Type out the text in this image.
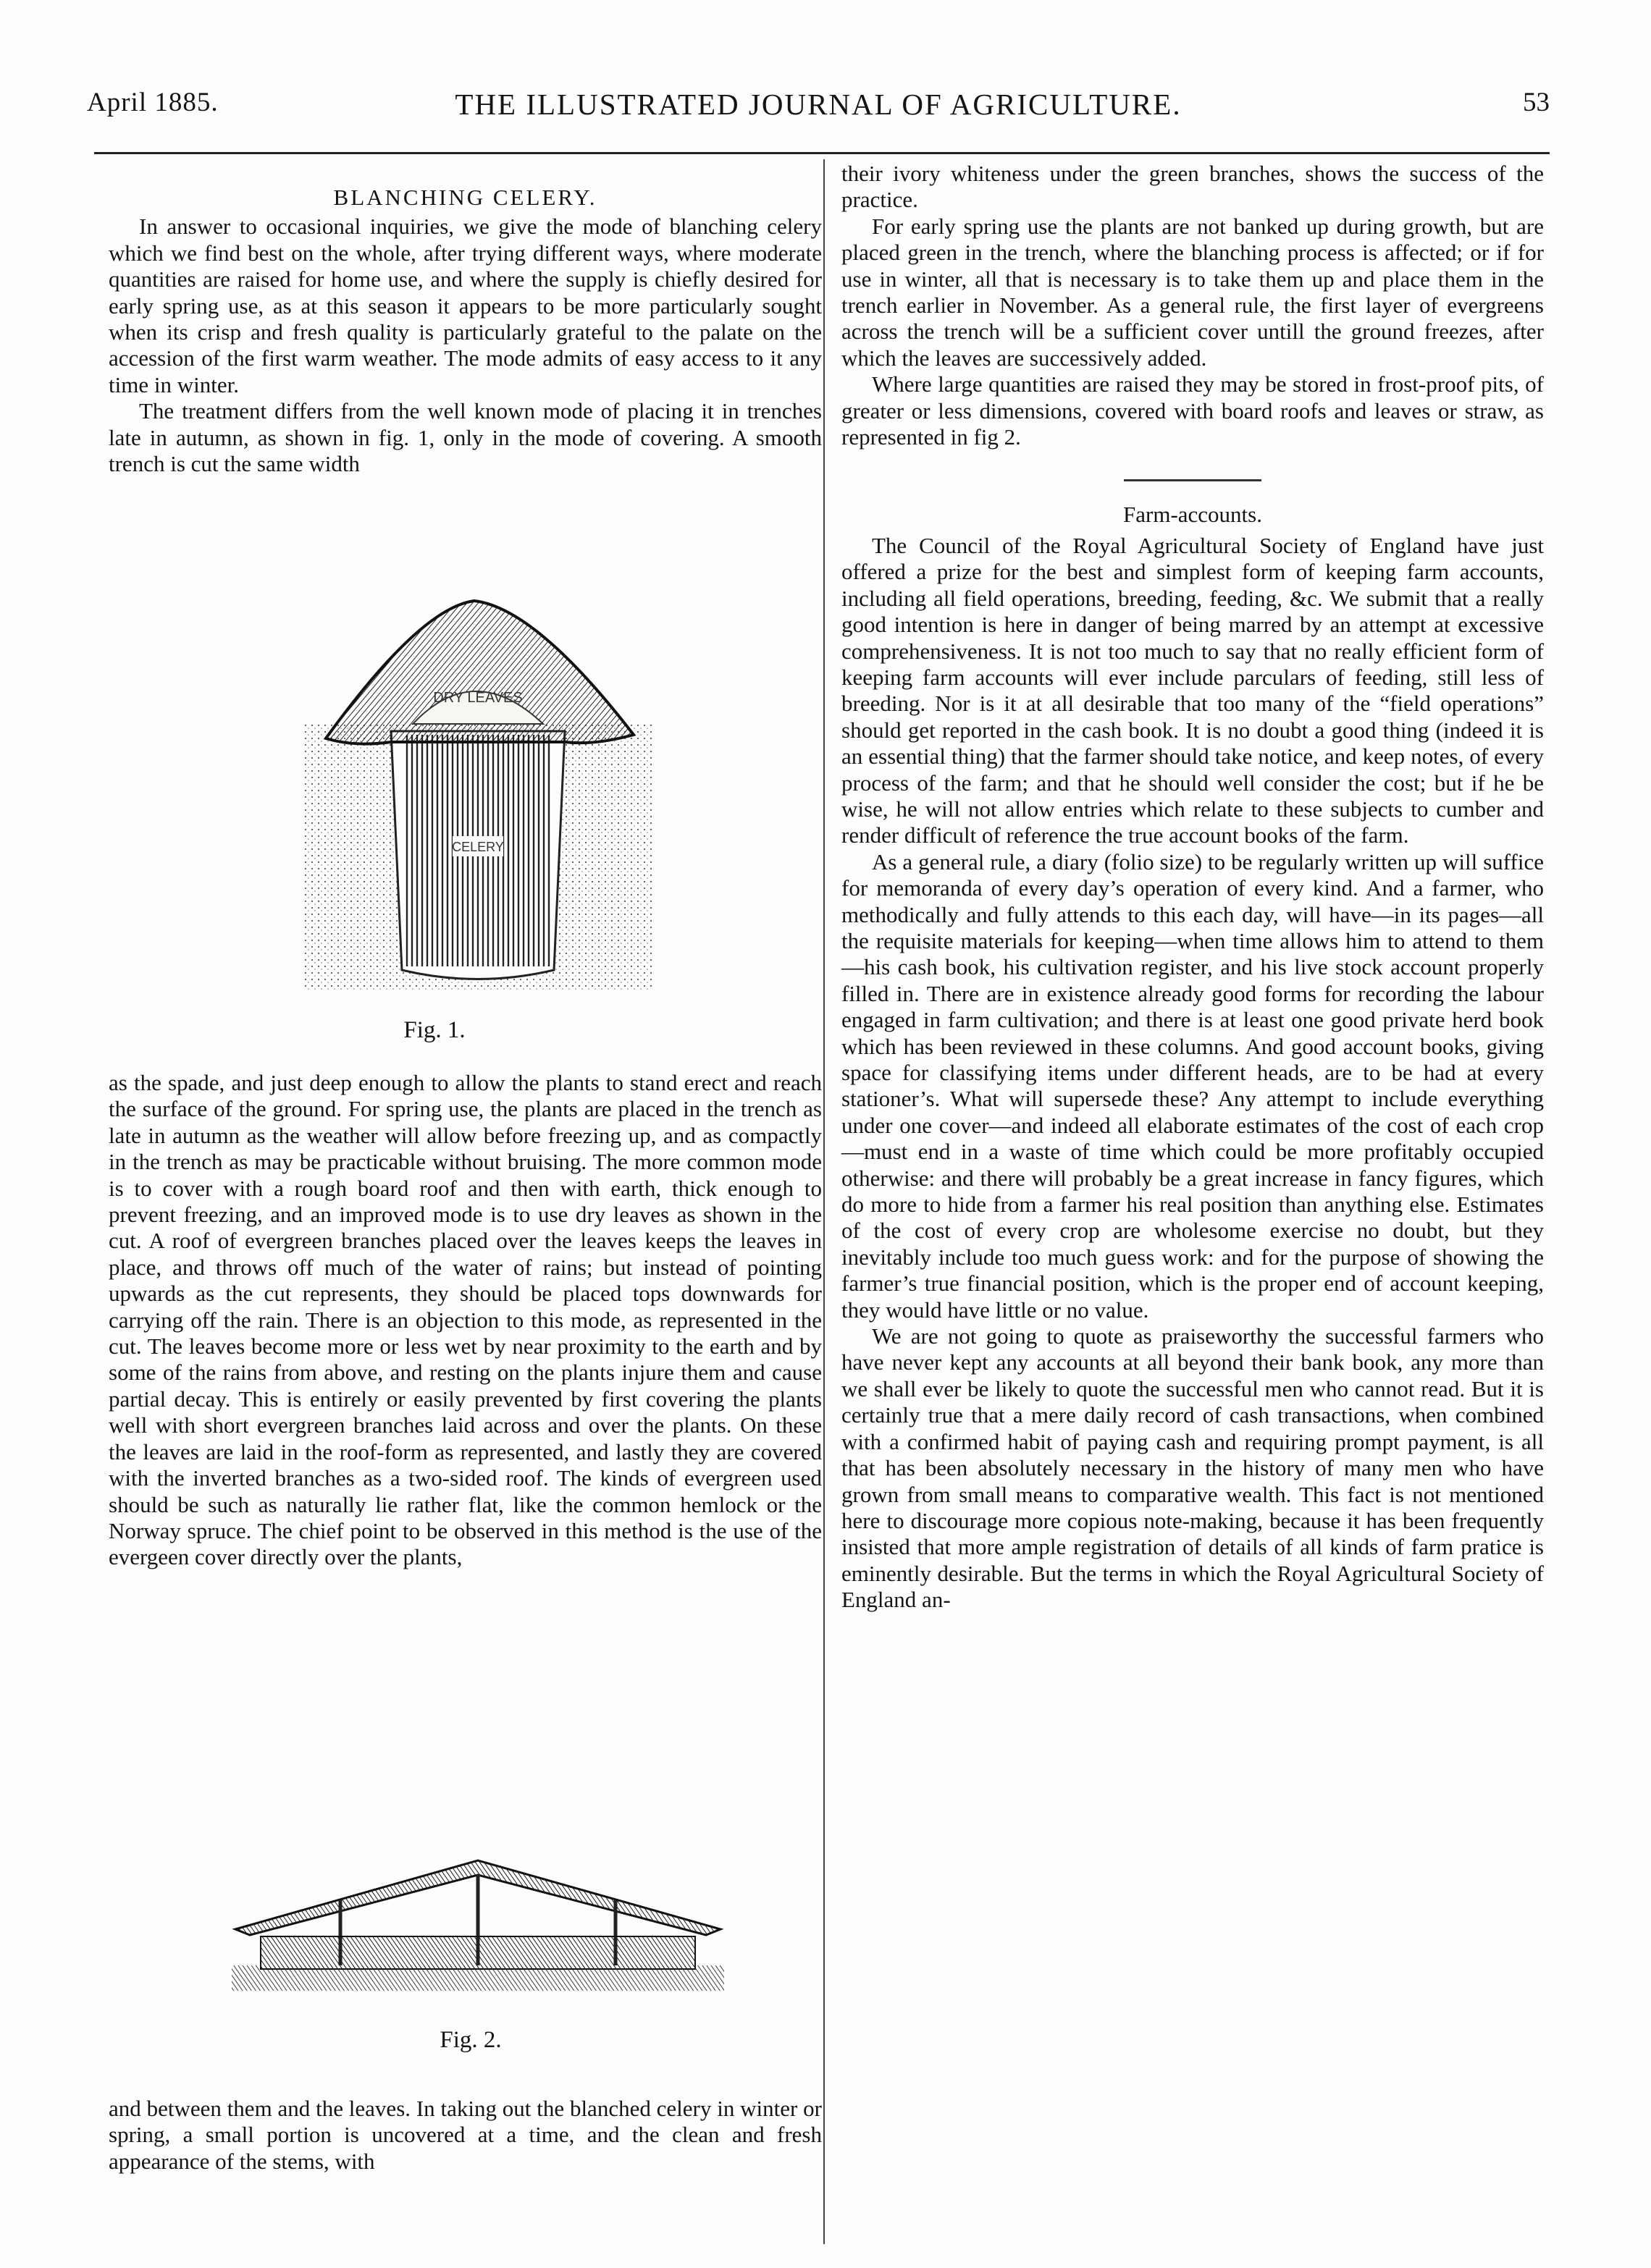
April 1885.	THE ILLUSTRATED JOURNAL OF AGRICULTURE.	53
BLANCHING CELERY.

In answer to occasional inquiries, we give the mode of blanching celery which we find best on the whole, after trying different ways, where moderate quantities are raised for home use, and where the supply is chiefly desired for early spring use, as at this season it appears to be more particularly sought when its crisp and fresh quality is particularly grateful to the palate on the accession of the first warm weather. The mode admits of easy access to it any time in winter.

The treatment differs from the well known mode of placing it in trenches late in autumn, as shown in fig. 1, only in the mode of covering. A smooth trench is cut the same width

DRY LEAVES
CELERY
Fig. 1.

as the spade, and just deep enough to allow the plants to stand erect and reach the surface of the ground. For spring use, the plants are placed in the trench as late in autumn as the weather will allow before freezing up, and as compactly in the trench as may be practicable without bruising. The more common mode is to cover with a rough board roof and then with earth, thick enough to prevent freezing, and an improved mode is to use dry leaves as shown in the cut. A roof of evergreen branches placed over the leaves keeps the leaves in place, and throws off much of the water of rains; but instead of pointing upwards as the cut represents, they should be placed tops downwards for carrying off the rain. There is an objection to this mode, as represented in the cut. The leaves become more or less wet by near proximity to the earth and by some of the rains from above, and resting on the plants injure them and cause partial decay. This is entirely or easily prevented by first covering the plants well with short evergreen branches laid across and over the plants. On these the leaves are laid in the roof-form as represented, and lastly they are covered with the inverted branches as a two-sided roof. The kinds of evergreen used should be such as naturally lie rather flat, like the common hemlock or the Norway spruce. The chief point to be observed in this method is the use of the evergeen cover directly over the plants,

Fig. 2.

and between them and the leaves. In taking out the blanched celery in winter or spring, a small portion is uncovered at a time, and the clean and fresh appearance of the stems, with

their ivory whiteness under the green branches, shows the success of the practice.

For early spring use the plants are not banked up during growth, but are placed green in the trench, where the blanching process is affected; or if for use in winter, all that is necessary is to take them up and place them in the trench earlier in November. As a general rule, the first layer of evergreens across the trench will be a sufficient cover untill the ground freezes, after which the leaves are successively added.

Where large quantities are raised they may be stored in frost-proof pits, of greater or less dimensions, covered with board roofs and leaves or straw, as represented in fig 2.

Farm-accounts.

The Council of the Royal Agricultural Society of England have just offered a prize for the best and simplest form of keeping farm accounts, including all field operations, breeding, feeding, &c. We submit that a really good intention is here in danger of being marred by an attempt at excessive comprehensiveness. It is not too much to say that no really efficient form of keeping farm accounts will ever include parculars of feeding, still less of breeding. Nor is it at all desirable that too many of the “field operations” should get reported in the cash book. It is no doubt a good thing (indeed it is an essential thing) that the farmer should take notice, and keep notes, of every process of the farm; and that he should well consider the cost; but if he be wise, he will not allow entries which relate to these subjects to cumber and render difficult of reference the true account books of the farm.

As a general rule, a diary (folio size) to be regularly written up will suffice for memoranda of every day’s operation of every kind. And a farmer, who methodically and fully attends to this each day, will have—in its pages—all the requisite materials for keeping—when time allows him to attend to them—his cash book, his cultivation register, and his live stock account properly filled in. There are in existence already good forms for recording the labour engaged in farm cultivation; and there is at least one good private herd book which has been reviewed in these columns. And good account books, giving space for classifying items under different heads, are to be had at every stationer’s. What will supersede these? Any attempt to include everything under one cover—and indeed all elaborate estimates of the cost of each crop—must end in a waste of time which could be more profitably occupied otherwise: and there will probably be a great increase in fancy figures, which do more to hide from a farmer his real position than anything else. Estimates of the cost of every crop are wholesome exercise no doubt, but they inevitably include too much guess work: and for the purpose of showing the farmer’s true financial position, which is the proper end of account keeping, they would have little or no value.

We are not going to quote as praiseworthy the successful farmers who have never kept any accounts at all beyond their bank book, any more than we shall ever be likely to quote the successful men who cannot read. But it is certainly true that a mere daily record of cash transactions, when combined with a confirmed habit of paying cash and requiring prompt payment, is all that has been absolutely necessary in the history of many men who have grown from small means to comparative wealth. This fact is not mentioned here to discourage more copious note-making, because it has been frequently insisted that more ample registration of details of all kinds of farm pratice is eminently desirable. But the terms in which the Royal Agricultural Society of England an-
